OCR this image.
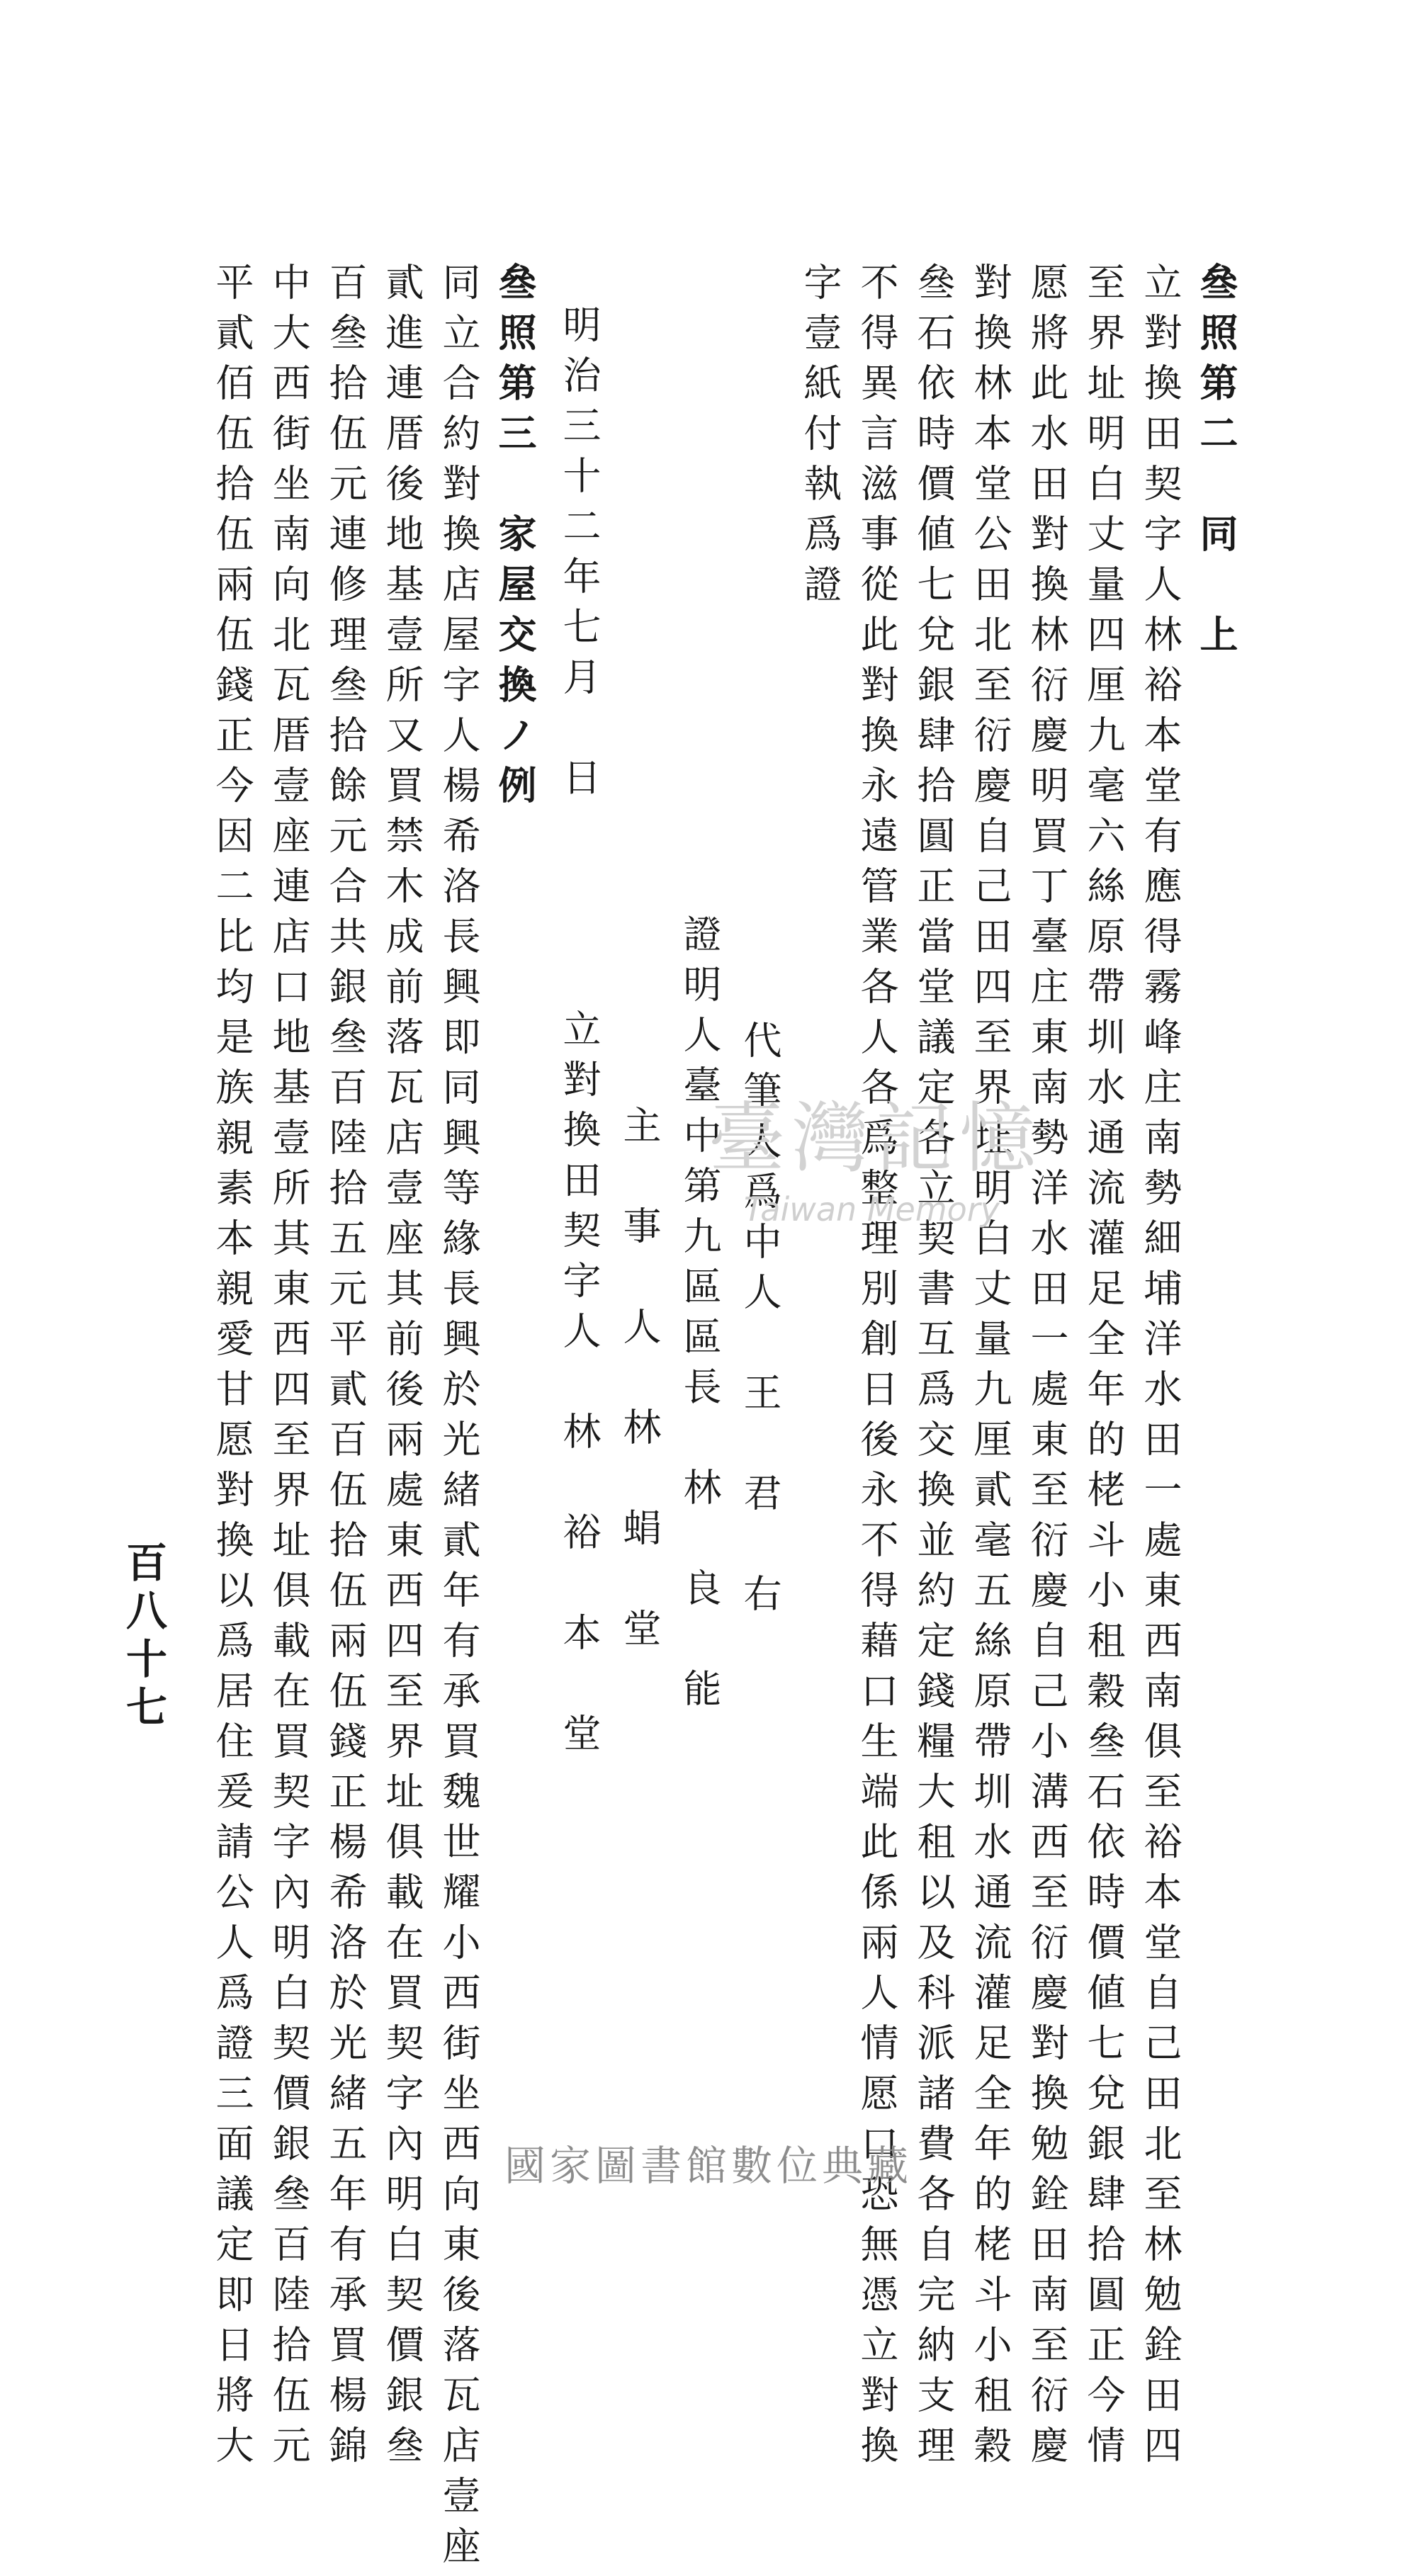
叄照第二　同　上
立對換田契字人林裕本堂有應得霧峰庄南勢細埔洋水田一處東西南俱至裕本堂自己田北至林勉銓田四
至界址明白丈量四厘九毫六絲原帶圳水通流灌足全年的栳斗小租穀叄石依時價値七兌銀肆拾圓正今情
愿將此水田對換林衍慶明買丁臺庄東南勢洋水田一處東至衍慶自己小溝西至衍慶對換勉銓田南至衍慶
對換林本堂公田北至衍慶自己田四至界址明白丈量九厘貳毫五絲原帶圳水通流灌足全年的栳斗小租穀
叄石依時價値七兌銀肆拾圓正當堂議定各立契書互爲交換並約定錢糧大租以及科派諸費各自完納支理
不得異言滋事從此對換永遠管業各人各爲整理別創日後永不得藉口生端此係兩人情愿口恐無憑立對換
字壹紙付執爲證
代筆人爲中人　王　君　右
證明人臺中第九區區長　林　良　能
主　事　人　林　蜎　堂
明治三十二年七月　日　　　　立對換田契字人　林　裕　本　堂
叄照第三　家屋交換ノ例
同立合約對換店屋字人楊希洛長興即同興等緣長興於光緒貳年有承買魏世耀小西街坐西向東後落瓦店壹座
貳進連厝後地基壹所又買禁木成前落瓦店壹座其前後兩處東西四至界址俱載在買契字內明白契價銀叄
百叄拾伍元連修理叄拾餘元合共銀叄百陸拾五元平貳百伍拾伍兩伍錢正楊希洛於光緒五年有承買楊錦
中大西街坐南向北瓦厝壹座連店口地基壹所其東西四至界址俱載在買契字內明白契價銀叄百陸拾伍元
平貳佰伍拾伍兩伍錢正今因二比均是族親素本親愛甘愿對換以爲居住爰請公人爲證三面議定即日將大
百八十七
臺灣記憶
Taiwan Memory
國家圖書館數位典藏
